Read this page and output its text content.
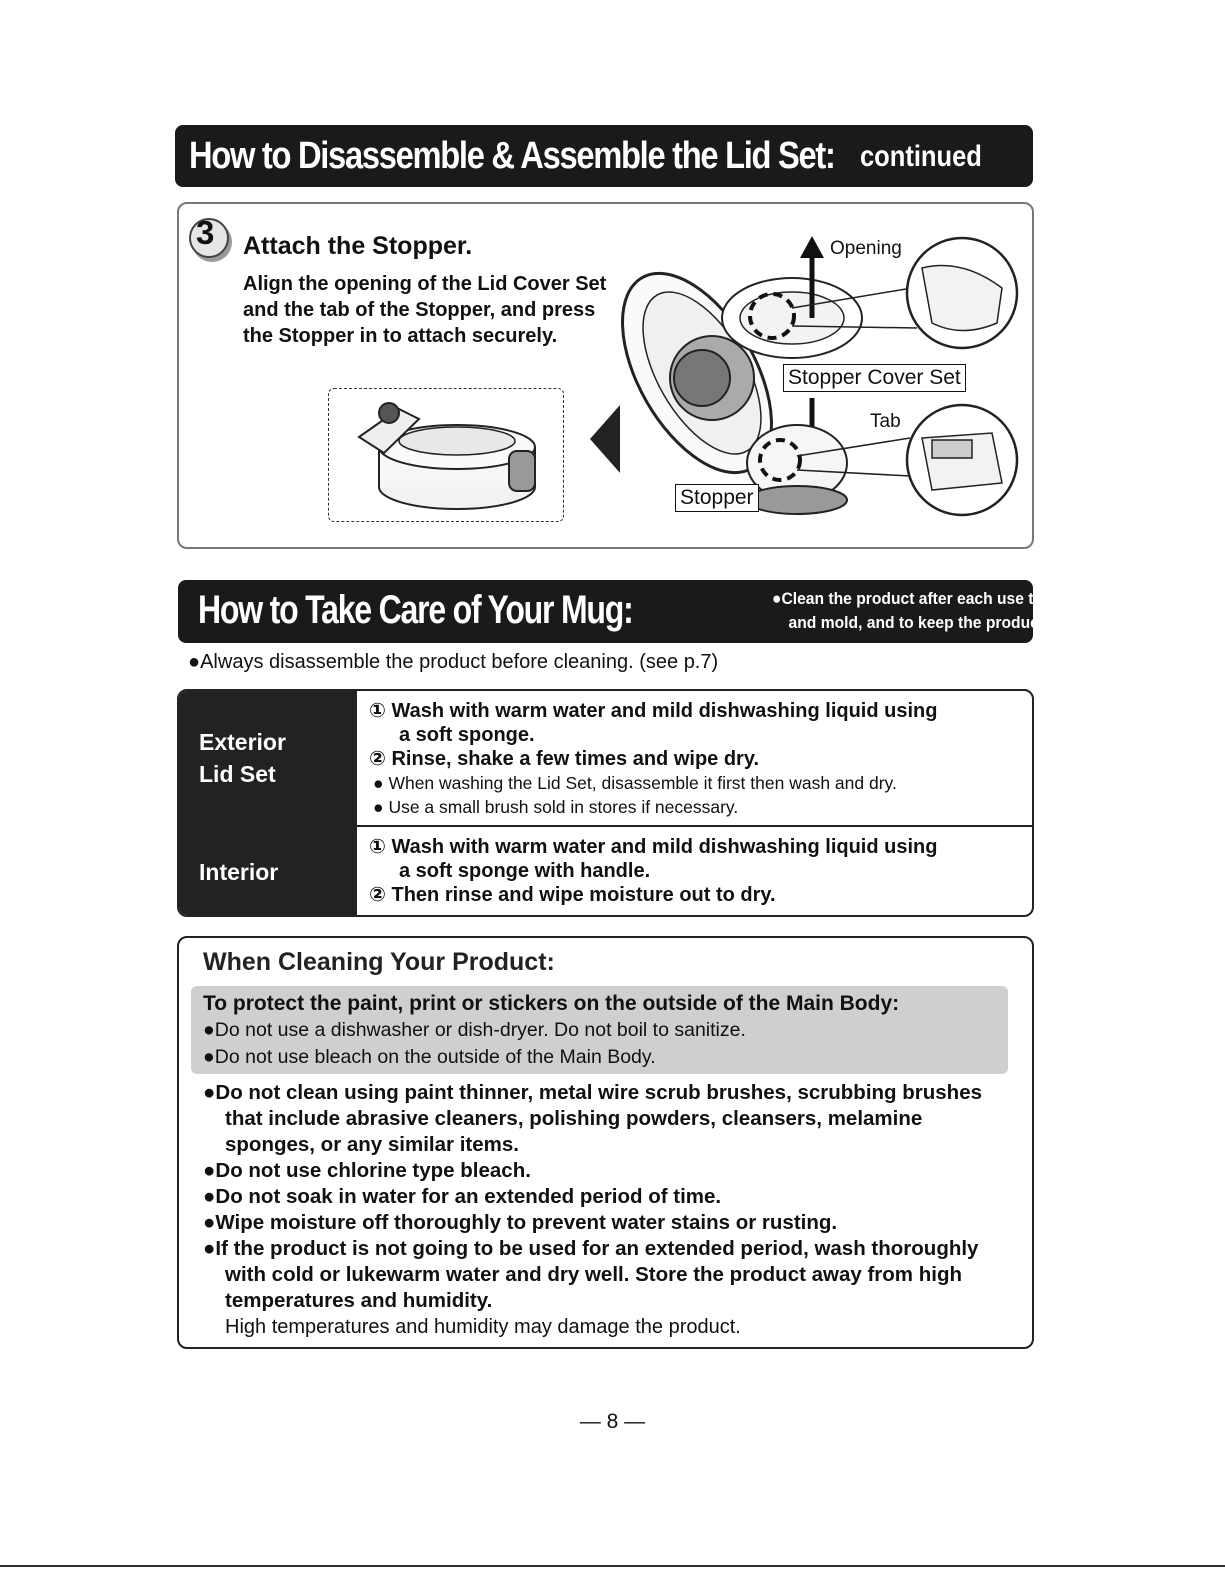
How to Disassemble & Assemble the Lid Set: continued
3 Attach the Stopper.
Align the opening of the Lid Cover Set and the tab of the Stopper, and press the Stopper in to attach securely.
Opening
Stopper Cover Set
Tab
Stopper
How to Take Care of Your Mug:	●Clean the product after each use to prevent odors
and mold, and to keep the product sanitary.
●Always disassemble the product before cleaning. (see p.7)
Exterior
Lid Set
① Wash with warm water and mild dishwashing liquid using
a soft sponge.
② Rinse, shake a few times and wipe dry.
● When washing the Lid Set, disassemble it first then wash and dry.
● Use a small brush sold in stores if necessary.
Interior
① Wash with warm water and mild dishwashing liquid using
a soft sponge with handle.
② Then rinse and wipe moisture out to dry.
When Cleaning Your Product:
To protect the paint, print or stickers on the outside of the Main Body:
●Do not use a dishwasher or dish-dryer. Do not boil to sanitize.
●Do not use bleach on the outside of the Main Body.
●Do not clean using paint thinner, metal wire scrub brushes, scrubbing brushes that include abrasive cleaners, polishing powders, cleansers, melamine sponges, or any similar items.
●Do not use chlorine type bleach.
●Do not soak in water for an extended period of time.
●Wipe moisture off thoroughly to prevent water stains or rusting.
●If the product is not going to be used for an extended period, wash thoroughly with cold or lukewarm water and dry well. Store the product away from high temperatures and humidity.
High temperatures and humidity may damage the product.
— 8 —
